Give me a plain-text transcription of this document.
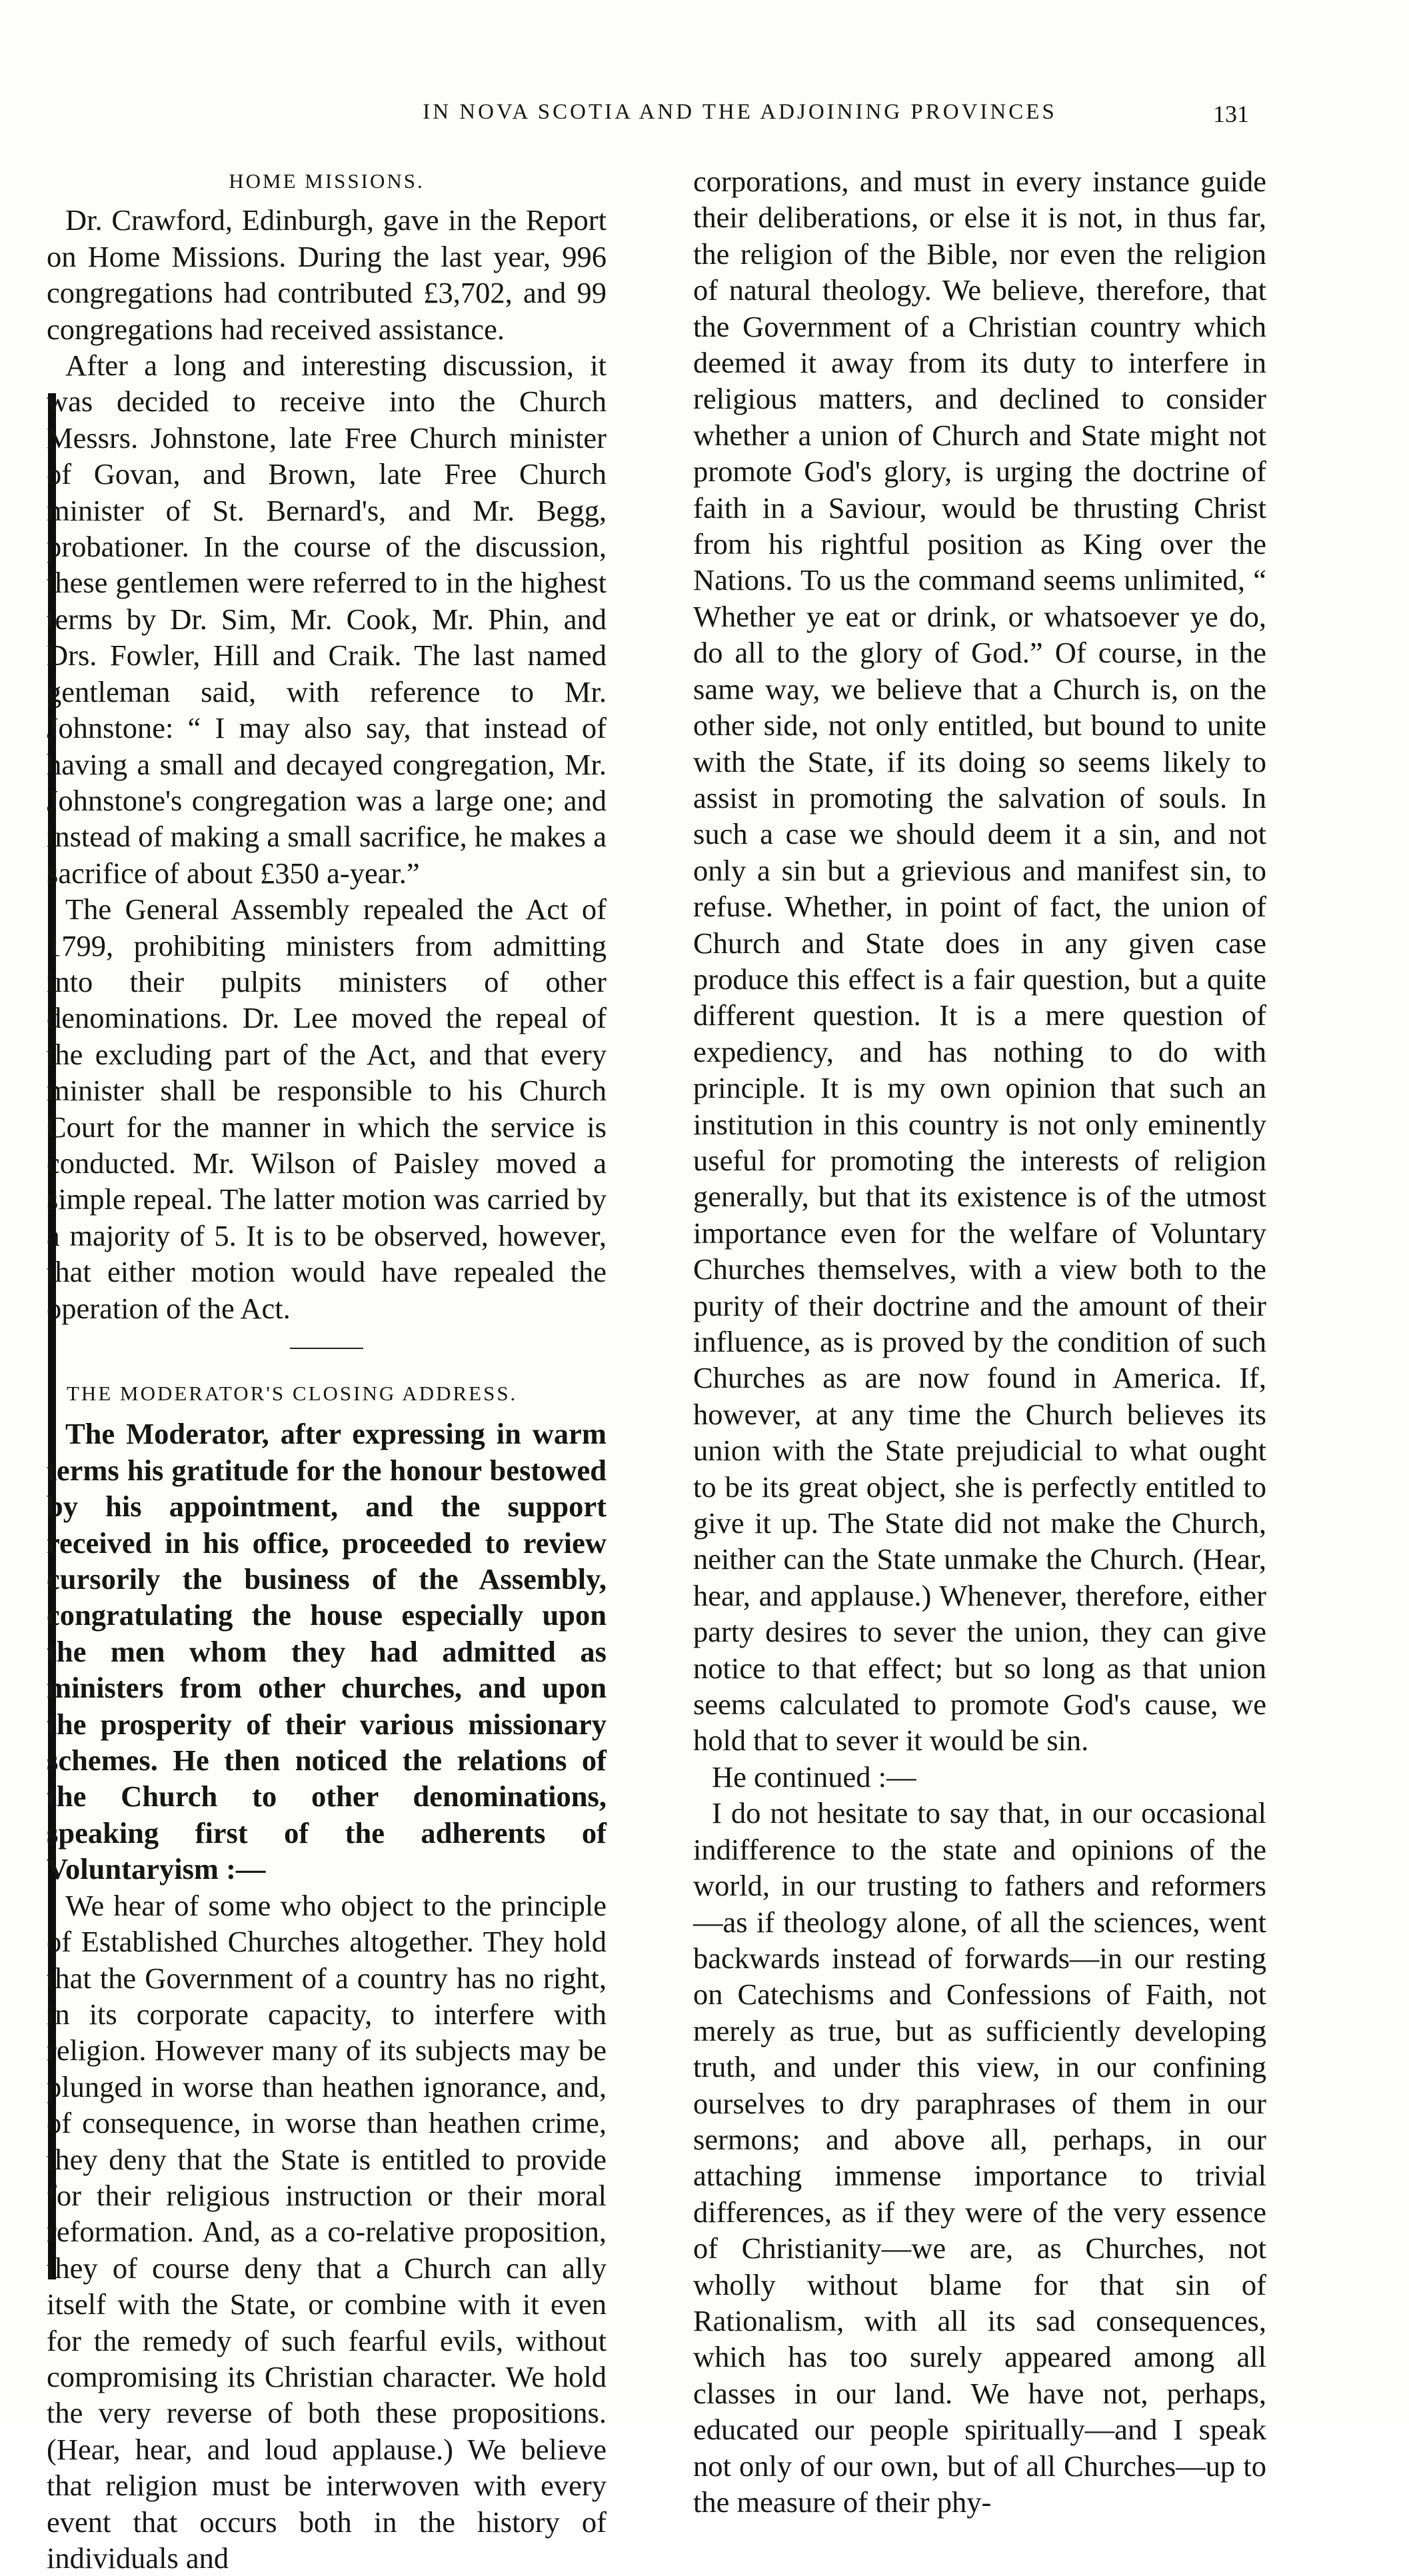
IN NOVA SCOTIA AND THE ADJOINING PROVINCES	131
HOME MISSIONS.

Dr. Crawford, Edinburgh, gave in the Report on Home Missions. During the last year, 996 congregations had contributed £3,702, and 99 congregations had received assistance.

After a long and interesting discussion, it was decided to receive into the Church Messrs. Johnstone, late Free Church minister of Govan, and Brown, late Free Church minister of St. Bernard's, and Mr. Begg, probationer. In the course of the discussion, these gentlemen were referred to in the highest terms by Dr. Sim, Mr. Cook, Mr. Phin, and Drs. Fowler, Hill and Craik. The last named gentleman said, with reference to Mr. Johnstone: “ I may also say, that instead of having a small and decayed congregation, Mr. Johnstone's congregation was a large one; and instead of making a small sacrifice, he makes a sacrifice of about £350 a-year.”

The General Assembly repealed the Act of 1799, prohibiting ministers from admitting into their pulpits ministers of other denominations. Dr. Lee moved the repeal of the excluding part of the Act, and that every minister shall be responsible to his Church Court for the manner in which the service is conducted. Mr. Wilson of Paisley moved a simple repeal. The latter motion was carried by a majority of 5. It is to be observed, however, that either motion would have repealed the operation of the Act.

THE MODERATOR'S CLOSING ADDRESS.

The Moderator, after expressing in warm terms his gratitude for the honour bestowed by his appointment, and the support received in his office, proceeded to review cursorily the business of the Assembly, congratulating the house especially upon the men whom they had admitted as ministers from other churches, and upon the prosperity of their various missionary schemes. He then noticed the relations of the Church to other denominations, speaking first of the adherents of Voluntaryism :—

We hear of some who object to the principle of Established Churches altogether. They hold that the Government of a country has no right, in its corporate capacity, to interfere with religion. However many of its subjects may be plunged in worse than heathen ignorance, and, of consequence, in worse than heathen crime, they deny that the State is entitled to provide for their religious instruction or their moral reformation. And, as a co-relative proposition, they of course deny that a Church can ally itself with the State, or combine with it even for the remedy of such fearful evils, without compromising its Christian character. We hold the very reverse of both these propositions. (Hear, hear, and loud applause.) We believe that religion must be interwoven with every event that occurs both in the history of individuals and

corporations, and must in every instance guide their deliberations, or else it is not, in thus far, the religion of the Bible, nor even the religion of natural theology. We believe, therefore, that the Government of a Christian country which deemed it away from its duty to interfere in religious matters, and declined to consider whether a union of Church and State might not promote God's glory, is urging the doctrine of faith in a Saviour, would be thrusting Christ from his rightful position as King over the Nations. To us the command seems unlimited, “ Whether ye eat or drink, or whatsoever ye do, do all to the glory of God.” Of course, in the same way, we believe that a Church is, on the other side, not only entitled, but bound to unite with the State, if its doing so seems likely to assist in promoting the salvation of souls. In such a case we should deem it a sin, and not only a sin but a grievious and manifest sin, to refuse. Whether, in point of fact, the union of Church and State does in any given case produce this effect is a fair question, but a quite different question. It is a mere question of expediency, and has nothing to do with principle. It is my own opinion that such an institution in this country is not only eminently useful for promoting the interests of religion generally, but that its existence is of the utmost importance even for the welfare of Voluntary Churches themselves, with a view both to the purity of their doctrine and the amount of their influence, as is proved by the condition of such Churches as are now found in America. If, however, at any time the Church believes its union with the State prejudicial to what ought to be its great object, she is perfectly entitled to give it up. The State did not make the Church, neither can the State unmake the Church. (Hear, hear, and applause.) Whenever, therefore, either party desires to sever the union, they can give notice to that effect; but so long as that union seems calculated to promote God's cause, we hold that to sever it would be sin.

He continued :—

I do not hesitate to say that, in our occasional indifference to the state and opinions of the world, in our trusting to fathers and reformers—as if theology alone, of all the sciences, went backwards instead of forwards—in our resting on Catechisms and Confessions of Faith, not merely as true, but as sufficiently developing truth, and under this view, in our confining ourselves to dry paraphrases of them in our sermons; and above all, perhaps, in our attaching immense importance to trivial differences, as if they were of the very essence of Christianity—we are, as Churches, not wholly without blame for that sin of Rationalism, with all its sad consequences, which has too surely appeared among all classes in our land. We have not, perhaps, educated our people spiritually—and I speak not only of our own, but of all Churches—up to the measure of their phy-
